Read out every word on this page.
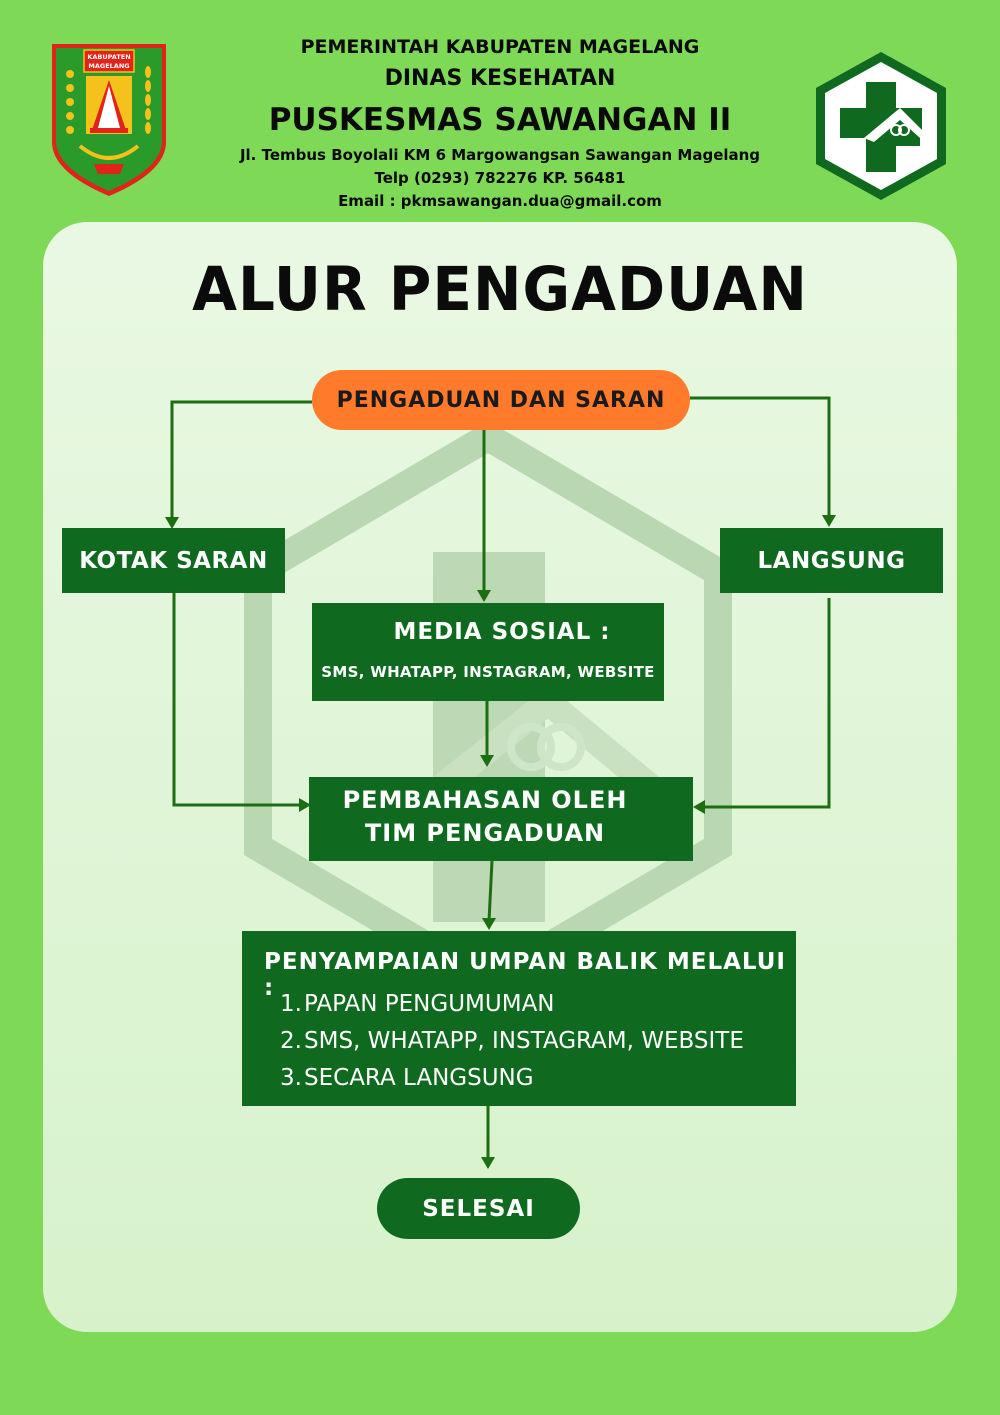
KABUPATEN
MAGELANG
PEMERINTAH KABUPATEN MAGELANG
DINAS KESEHATAN
PUSKESMAS SAWANGAN II
Jl. Tembus Boyolali KM 6 Margowangsan Sawangan Magelang
Telp (0293) 782276 KP. 56481
Email : pkmsawangan.dua@gmail.com
ALUR PENGADUAN
PENGADUAN DAN SARAN
KOTAK SARAN	LANGSUNG
MEDIA SOSIAL :
SMS, WHATAPP, INSTAGRAM, WEBSITE
PEMBAHASAN OLEH
TIM PENGADUAN
PENYAMPAIAN UMPAN BALIK MELALUI :
1.PAPAN PENGUMUMAN
2.SMS, WHATAPP, INSTAGRAM, WEBSITE
3.SECARA LANGSUNG
SELESAI
